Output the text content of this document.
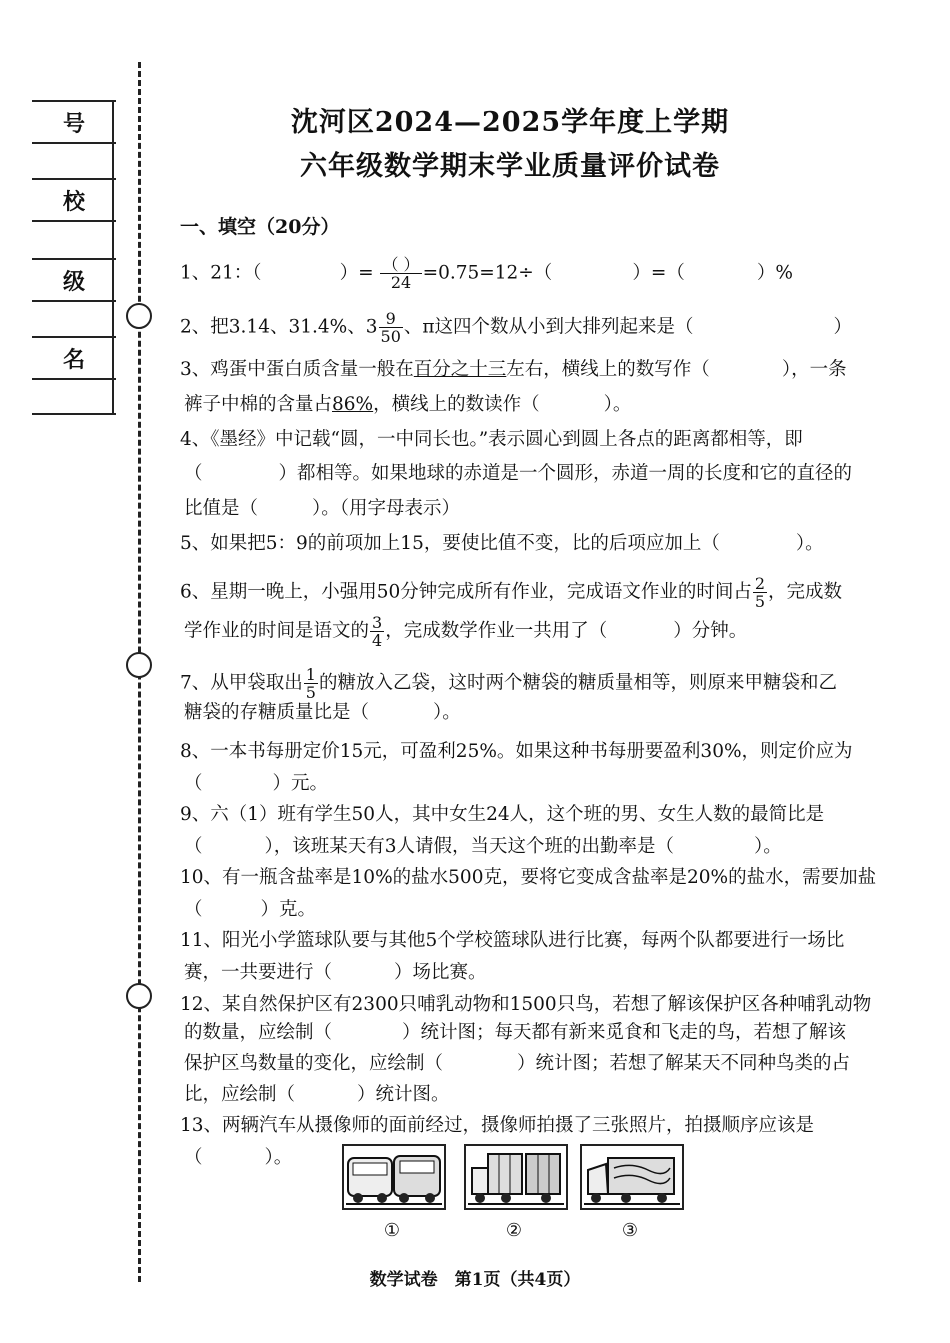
号
校
级
名
沈河区2024—2025学年度上学期
六年级数学期末学业质量评价试卷
一、填空（20分）
1、21：（	）= $\frac{( )}{24} =0.75=12\div$（	）=（	）%
2、把3.14、31.4%、$3 \frac{9}{50}$ 、π这四个数从小到大排列起来是（	）
3、鸡蛋中蛋白质含量一般在百分之十三左右，横线上的数写作（	），一条
裤子中棉的含量占86%，横线上的数读作（	）。
4、《墨经》中记载“圆，一中同长也。”表示圆心到圆上各点的距离都相等，即
（	）都相等。如果地球的赤道是一个圆形，赤道一周的长度和它的直径的
比值是（	）。（用字母表示）
5、如果把5：9的前项加上15，要使比值不变，比的后项应加上（	）。
6、星期一晚上，小强用50分钟完成所有作业，完成语文作业的时间占 $\frac{2}{5}$ ，完成数
学作业的时间是语文的 $\frac{3}{4}$ ，完成数学作业一共用了（	）分钟。
7、从甲袋取出 $\frac{1}{5}$ 的糖放入乙袋，这时两个糖袋的糖质量相等，则原来甲糖袋和乙
糖袋的存糖质量比是（	）。
8、一本书每册定价15元，可盈利25%。如果这种书每册要盈利30%，则定价应为
（	）元。
9、六（1）班有学生50人，其中女生24人，这个班的男、女生人数的最简比是
（	），该班某天有3人请假，当天这个班的出勤率是（	）。
10、有一瓶含盐率是10%的盐水500克，要将它变成含盐率是20%的盐水，需要加盐
（	）克。
11、阳光小学篮球队要与其他5个学校篮球队进行比赛，每两个队都要进行一场比
赛，一共要进行（	）场比赛。
12、某自然保护区有2300只哺乳动物和1500只鸟，若想了解该保护区各种哺乳动物
的数量，应绘制（	）统计图；每天都有新来觅食和飞走的鸟，若想了解该
保护区鸟数量的变化，应绘制（	）统计图；若想了解某天不同种鸟类的占
比，应绘制（	）统计图。
13、两辆汽车从摄像师的面前经过，摄像师拍摄了三张照片，拍摄顺序应该是
（	）。
①	②	③
数学试卷　第1页（共4页）
